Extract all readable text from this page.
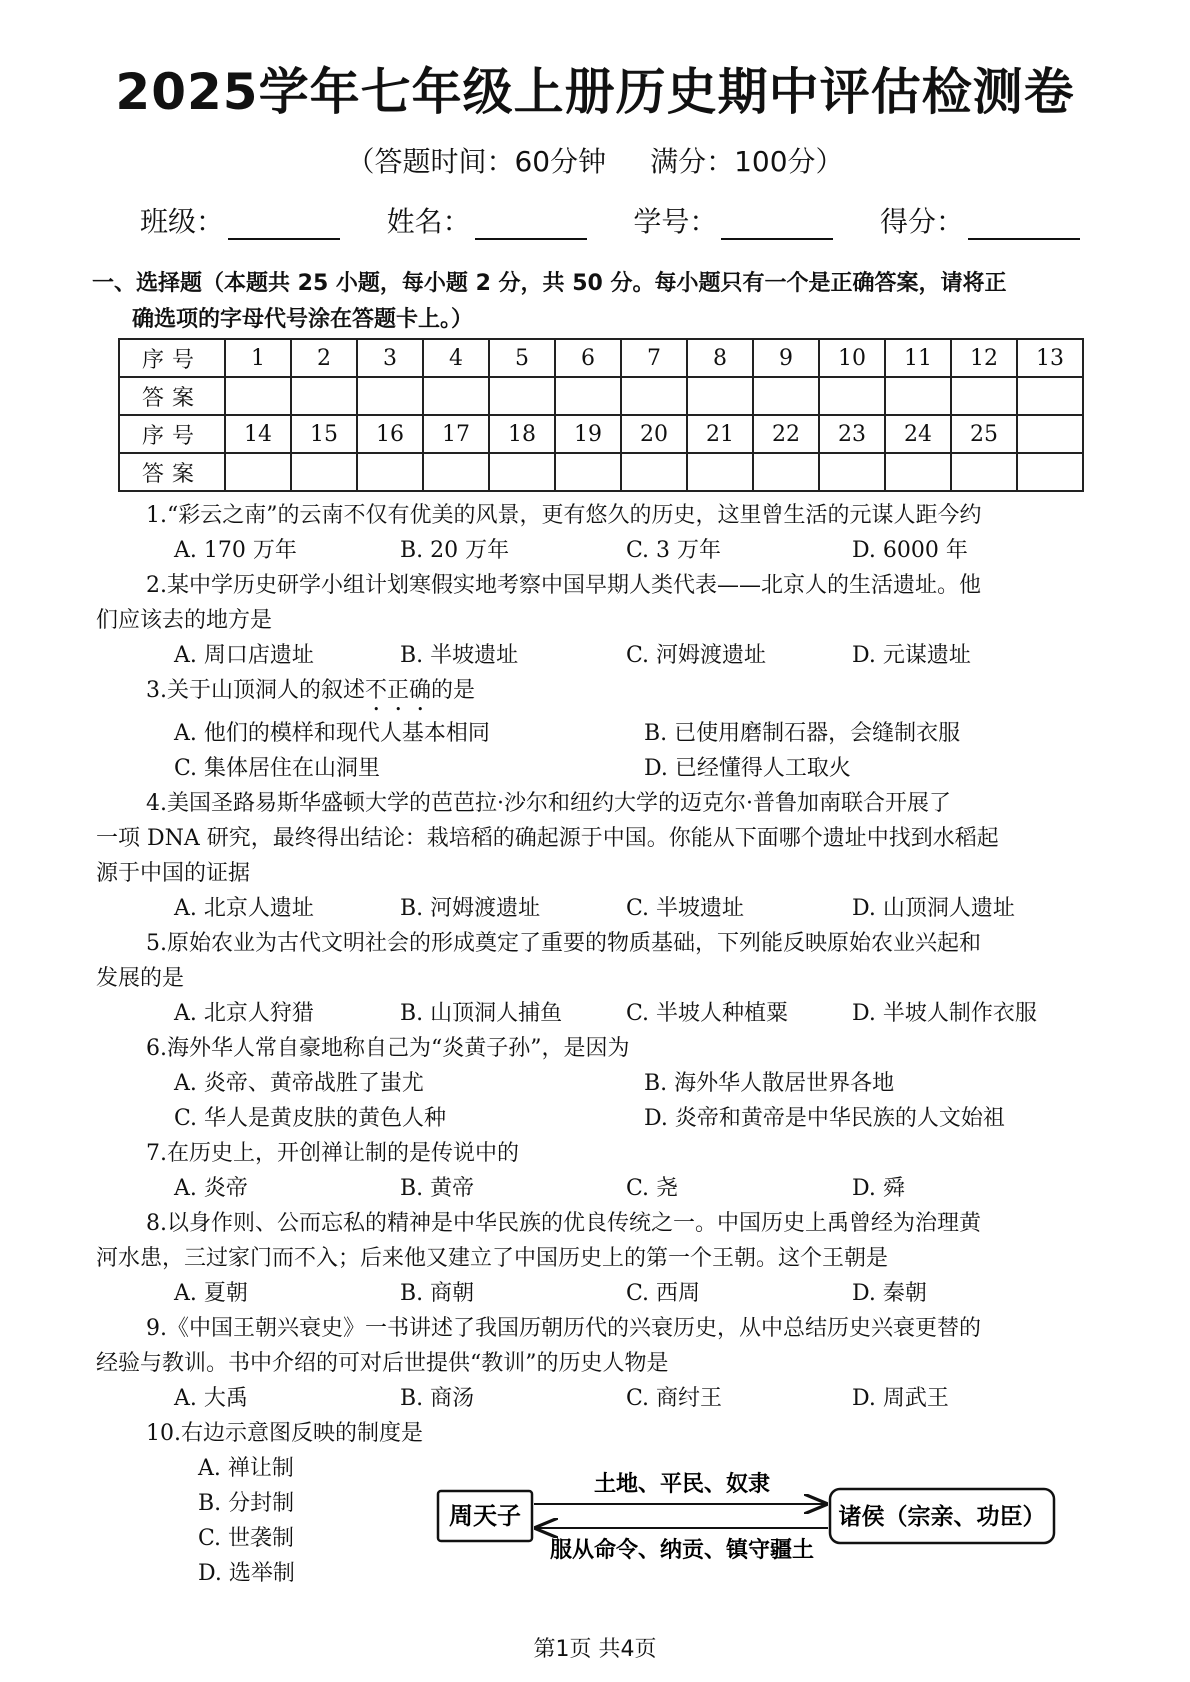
2025学年七年级上册历史期中评估检测卷
（答题时间：60分钟 满分：100分）
班级：	姓名：	学号：	得分：
一、选择题（本题共 25 小题，每小题 2 分，共 50 分。每小题只有一个是正确答案，请将正
确选项的字母代号涂在答题卡上。）
序号	1	2	3	4	5	6	7	8	9	10	11	12	13
答案													
序号	14	15	16	17	18	19	20	21	22	23	24	25	
答案													
1.“彩云之南”的云南不仅有优美的风景，更有悠久的历史，这里曾生活的元谋人距今约
A. 170 万年	B. 20 万年	C. 3 万年	D. 6000 年
2.某中学历史研学小组计划寒假实地考察中国早期人类代表——北京人的生活遗址。他
们应该去的地方是
A. 周口店遗址	B. 半坡遗址	C. 河姆渡遗址	D. 元谋遗址
3.关于山顶洞人的叙述不正确的是
A. 他们的模样和现代人基本相同	B. 已使用磨制石器，会缝制衣服
C. 集体居住在山洞里	D. 已经懂得人工取火
4.美国圣路易斯华盛顿大学的芭芭拉·沙尔和纽约大学的迈克尔·普鲁加南联合开展了
一项 DNA 研究，最终得出结论：栽培稻的确起源于中国。你能从下面哪个遗址中找到水稻起
源于中国的证据
A. 北京人遗址	B. 河姆渡遗址	C. 半坡遗址	D. 山顶洞人遗址
5.原始农业为古代文明社会的形成奠定了重要的物质基础，下列能反映原始农业兴起和
发展的是
A. 北京人狩猎	B. 山顶洞人捕鱼	C. 半坡人种植粟	D. 半坡人制作衣服
6.海外华人常自豪地称自己为“炎黄子孙”，是因为
A. 炎帝、黄帝战胜了蚩尤	B. 海外华人散居世界各地
C. 华人是黄皮肤的黄色人种	D. 炎帝和黄帝是中华民族的人文始祖
7.在历史上，开创禅让制的是传说中的
A. 炎帝	B. 黄帝	C. 尧	D. 舜
8.以身作则、公而忘私的精神是中华民族的优良传统之一。中国历史上禹曾经为治理黄
河水患，三过家门而不入；后来他又建立了中国历史上的第一个王朝。这个王朝是
A. 夏朝	B. 商朝	C. 西周	D. 秦朝
9.《中国王朝兴衰史》一书讲述了我国历朝历代的兴衰历史，从中总结历史兴衰更替的
经验与教训。书中介绍的可对后世提供“教训”的历史人物是
A. 大禹	B. 商汤	C. 商纣王	D. 周武王
10.右边示意图反映的制度是
A. 禅让制
B. 分封制
C. 世袭制
D. 选举制
周天子	诸侯（宗亲、功臣）
土地、平民、奴隶
服从命令、纳贡、镇守疆土
第1页 共4页
